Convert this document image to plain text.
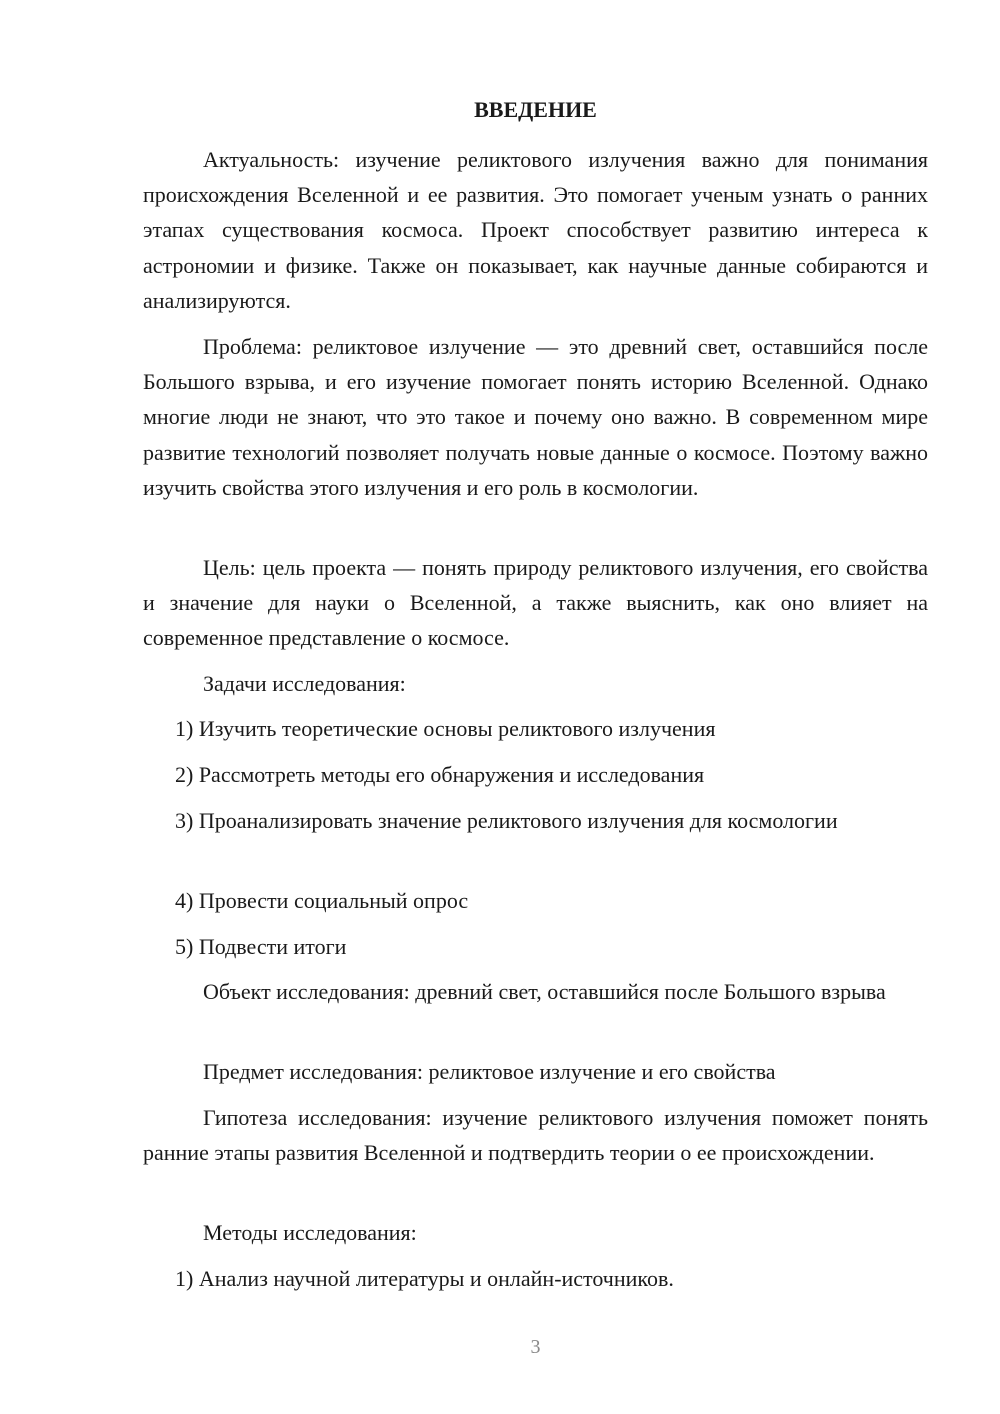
ВВЕДЕНИЕ

Актуальность: изучение реликтового излучения важно для понимания происхождения Вселенной и ее развития. Это помогает ученым узнать о ранних этапах существования космоса. Проект способствует развитию интереса к астрономии и физике. Также он показывает, как научные данные собираются и анализируются.

Проблема: реликтовое излучение — это древний свет, оставшийся после Большого взрыва, и его изучение помогает понять историю Вселенной. Однако многие люди не знают, что это такое и почему оно важно. В современном мире развитие технологий позволяет получать новые данные о космосе. Поэтому важно изучить свойства этого излучения и его роль в космологии.

Цель: цель проекта — понять природу реликтового излучения, его свойства и значение для науки о Вселенной, а также выяснить, как оно влияет на современное представление о космосе.

Задачи исследования:

1) Изучить теоретические основы реликтового излучения

2) Рассмотреть методы его обнаружения и исследования

3) Проанализировать значение реликтового излучения для космологии

4) Провести социальный опрос

5) Подвести итоги

Объект исследования: древний свет, оставшийся после Большого взрыва

Предмет исследования: реликтовое излучение и его свойства

Гипотеза исследования: изучение реликтового излучения поможет понять ранние этапы развития Вселенной и подтвердить теории о ее происхождении.

Методы исследования:

1) Анализ научной литературы и онлайн-источников.

3
